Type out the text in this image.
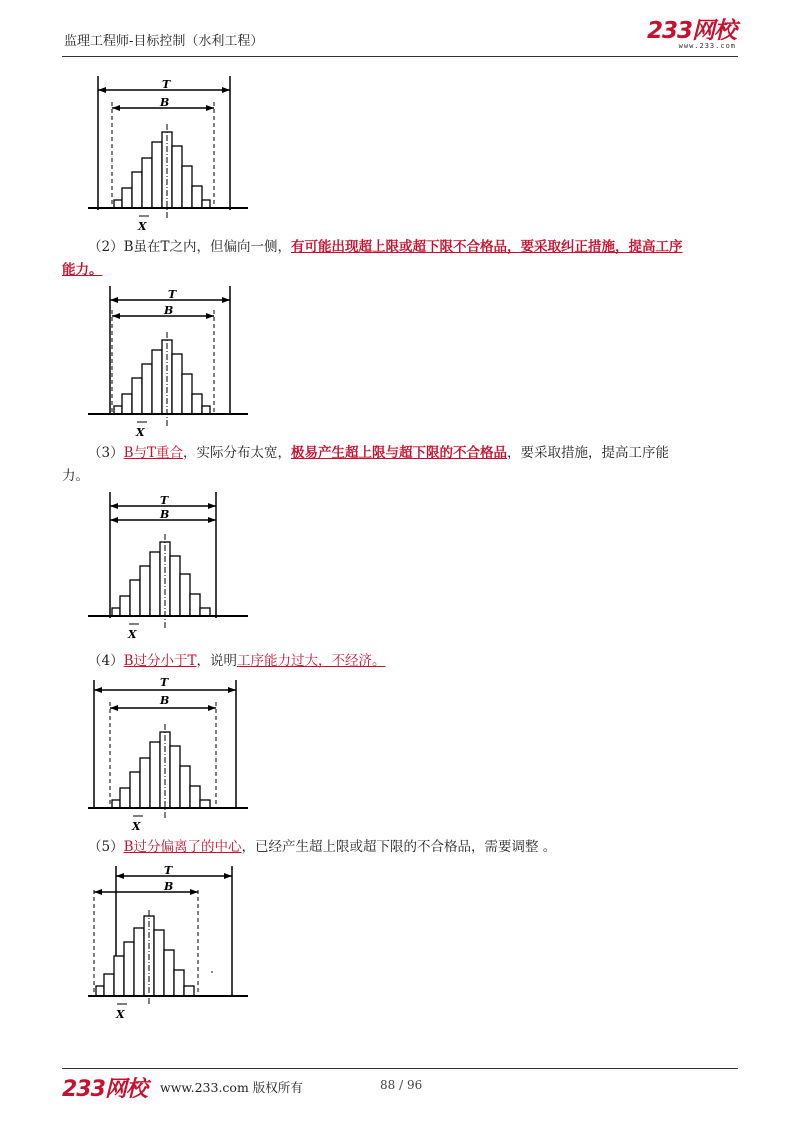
监理工程师-目标控制（水利工程）	233网校
www.233.com
T
B
X
（2）B虽在T之内，但偏向一侧，有可能出现超上限或超下限不合格品，要采取纠正措施，提高工序
能力。
T
B
X
（3）B与T重合，实际分布太宽，极易产生超上限与超下限的不合格品，要采取措施，提高工序能
力。
T
B
X
（4）B过分小于T，说明工序能力过大，不经济。
T
B
X
（5）B过分偏离了的中心，已经产生超上限或超下限的不合格品，需要调整 。
T
B
X
233网校 www.233.com 版权所有	88 / 96
